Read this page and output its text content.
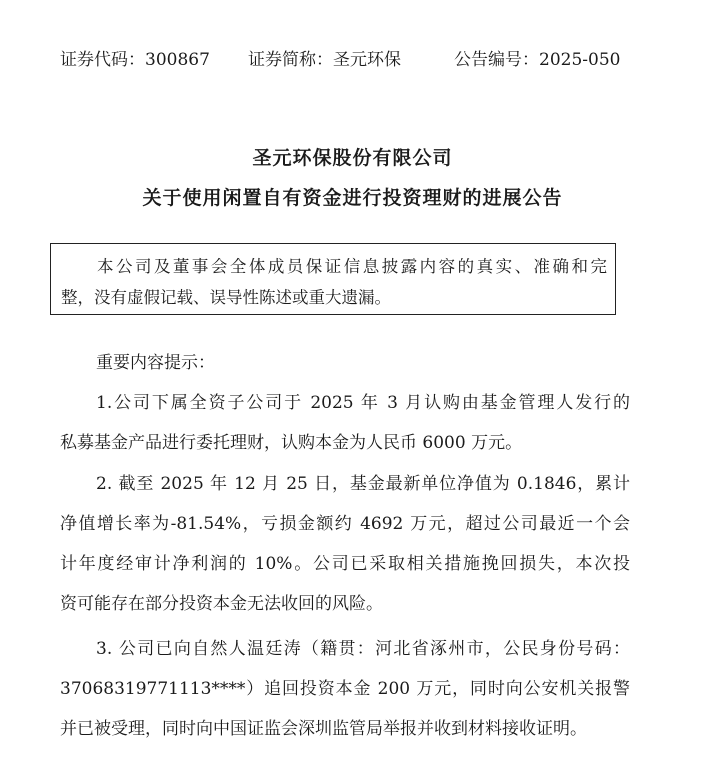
证券代码：300867 证券简称：圣元环保	公告编号：2025-050
圣元环保股份有限公司
关于使用闲置自有资金进行投资理财的进展公告
本公司及董事会全体成员保证信息披露内容的真实、准确和完
整，没有虚假记载、误导性陈述或重大遗漏。
重要内容提示：
1.公司下属全资子公司于 2025 年 3 月认购由基金管理人发行的
私募基金产品进行委托理财，认购本金为人民币 6000 万元。
2. 截至 2025 年 12 月 25 日，基金最新单位净值为 0.1846，累计
净值增长率为-81.54%，亏损金额约 4692 万元，超过公司最近一个会
计年度经审计净利润的 10%。公司已采取相关措施挽回损失，本次投
资可能存在部分投资本金无法收回的风险。
3. 公司已向自然人温廷涛（籍贯：河北省涿州市，公民身份号码：
37068319771113****）追回投资本金 200 万元，同时向公安机关报警
并已被受理，同时向中国证监会深圳监管局举报并收到材料接收证明。
